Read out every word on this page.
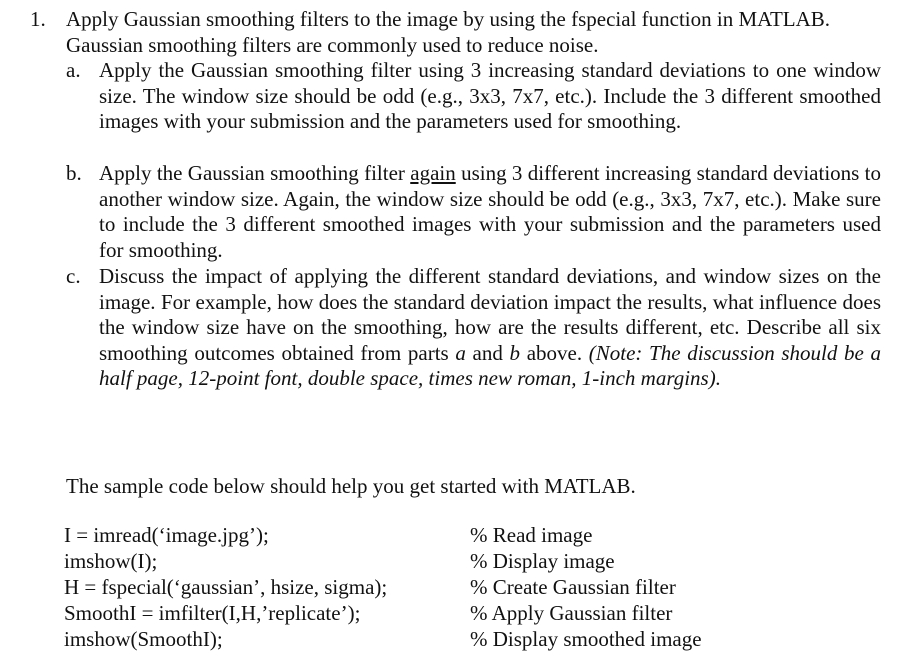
1. Apply Gaussian smoothing filters to the image by using the fspecial function in MATLAB.

Gaussian smoothing filters are commonly used to reduce noise.

a. Apply the Gaussian smoothing filter using 3 increasing standard deviations to one window size. The window size should be odd (e.g., 3x3, 7x7, etc.). Include the 3 different smoothed images with your submission and the parameters used for smoothing.
b. Apply the Gaussian smoothing filter again using 3 different increasing standard deviations to another window size. Again, the window size should be odd (e.g., 3x3, 7x7, etc.). Make sure to include the 3 different smoothed images with your submission and the parameters used for smoothing.
c. Discuss the impact of applying the different standard deviations, and window sizes on the image. For example, how does the standard deviation impact the results, what influence does the window size have on the smoothing, how are the results different, etc. Describe all six smoothing outcomes obtained from parts a and b above. (Note: The discussion should be a half page, 12-point font, double space, times new roman, 1-inch margins).
The sample code below should help you get started with MATLAB.
I = imread(‘image.jpg’);	% Read image
imshow(I);	% Display image
H = fspecial(‘gaussian’, hsize, sigma);	% Create Gaussian filter
SmoothI = imfilter(I,H,’replicate’);	% Apply Gaussian filter
imshow(SmoothI);	% Display smoothed image
